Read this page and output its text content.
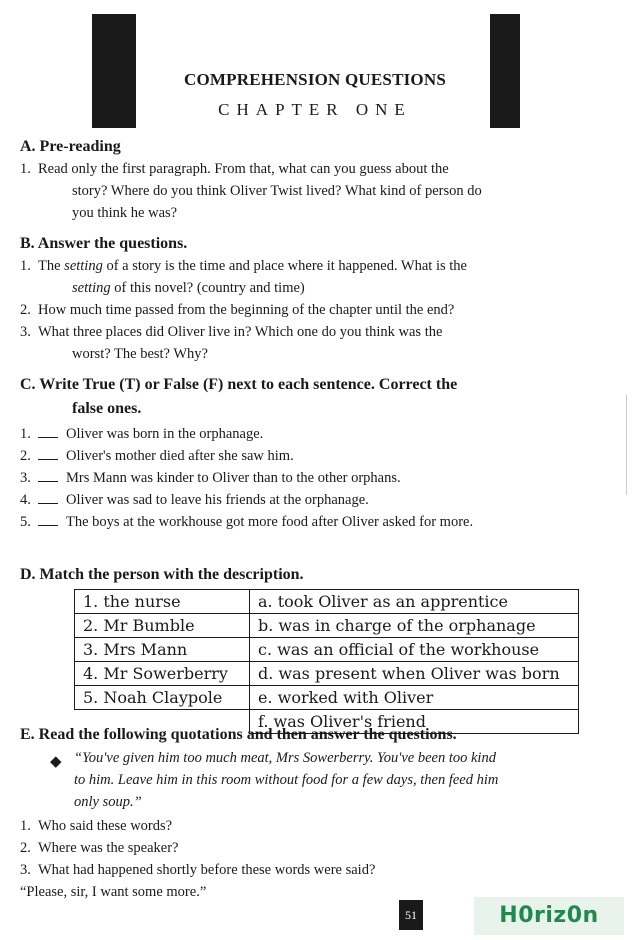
COMPREHENSION QUESTIONS
CHAPTER ONE
A. Pre-reading
1. Read only the first paragraph. From that, what can you guess about the
story? Where do you think Oliver Twist lived? What kind of person do
you think he was?
B. Answer the questions.
1. The setting of a story is the time and place where it happened. What is the
setting of this novel? (country and time)
2. How much time passed from the beginning of the chapter until the end?
3. What three places did Oliver live in? Which one do you think was the
worst? The best? Why?
C. Write True (T) or False (F) next to each sentence. Correct the
false ones.
1. Oliver was born in the orphanage.
2. Oliver's mother died after she saw him.
3. Mrs Mann was kinder to Oliver than to the other orphans.
4. Oliver was sad to leave his friends at the orphanage.
5. The boys at the workhouse got more food after Oliver asked for more.
D. Match the person with the description.
1. the nurse	a. took Oliver as an apprentice
2. Mr Bumble	b. was in charge of the orphanage
3. Mrs Mann	c. was an official of the workhouse
4. Mr Sowerberry	d. was present when Oliver was born
5. Noah Claypole	e. worked with Oliver
	f. was Oliver's friend
E. Read the following quotations and then answer the questions.
◆ “You've given him too much meat, Mrs Sowerberry. You've been too kind
to him. Leave him in this room without food for a few days, then feed him
only soup.”
1. Who said these words?
2. Where was the speaker?
3. What had happened shortly before these words were said?
“Please, sir, I want some more.”
51	H0riz0n
